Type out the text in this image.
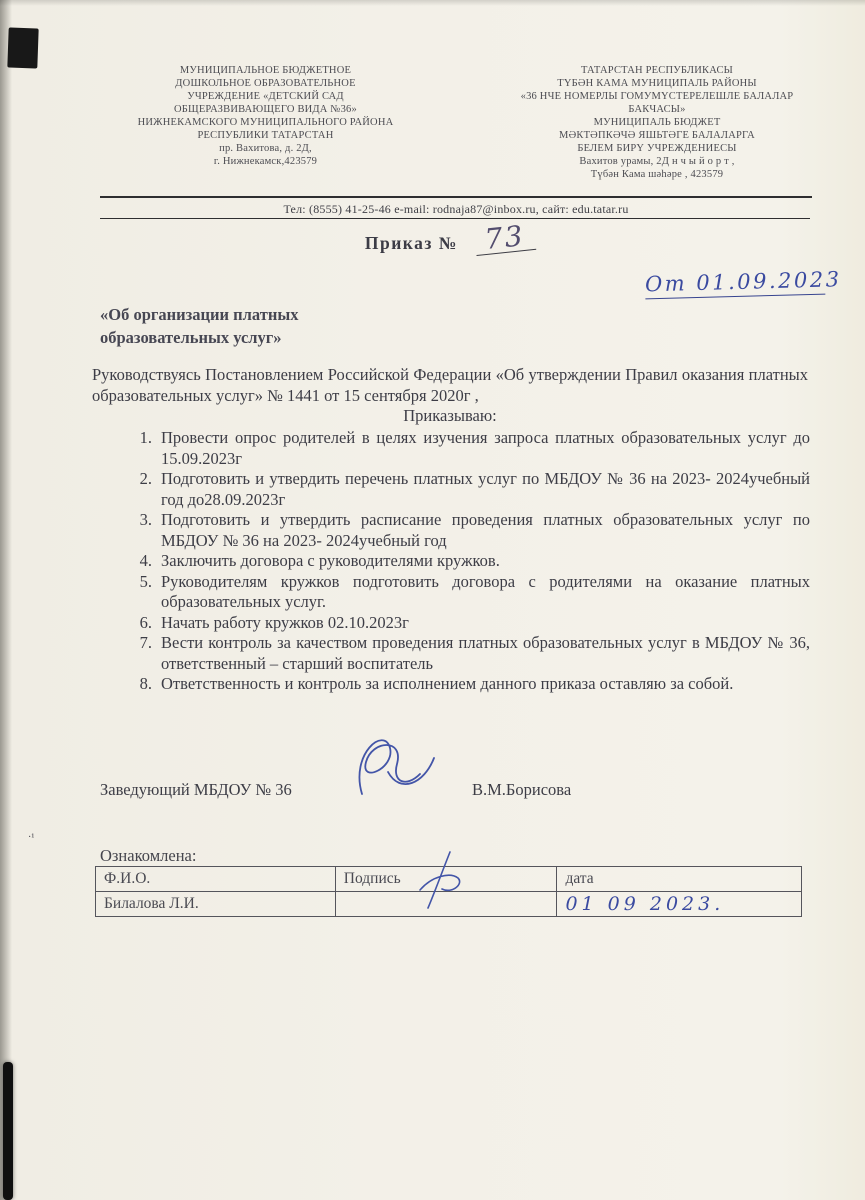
·¹
МУНИЦИПАЛЬНОЕ БЮДЖЕТНОЕ
ДОШКОЛЬНОЕ ОБРАЗОВАТЕЛЬНОЕ
УЧРЕЖДЕНИЕ «ДЕТСКИЙ САД
ОБЩЕРАЗВИВАЮЩЕГО ВИДА №36»
НИЖНЕКАМСКОГО МУНИЦИПАЛЬНОГО РАЙОНА
РЕСПУБЛИКИ ТАТАРСТАН
пр. Вахитова, д. 2Д,
г. Нижнекамск,423579
ТАТАРСТАН РЕСПУБЛИКАСЫ
ТҮБӘН КАМА МУНИЦИПАЛЬ РАЙОНЫ
«36 НЧЕ НОМЕРЛЫ ГОМУМҮСТЕРЕЛЕШЛЕ БАЛАЛАР
БАКЧАСЫ»
МУНИЦИПАЛЬ БЮДЖЕТ
МӘКТӘПКӘЧӘ ЯШЬТӘГЕ БАЛАЛАРГА
БЕЛЕМ БИРҮ УЧРЕЖДЕНИЕСЫ
Вахитов урамы, 2Д н ч ы й о р т ,
Түбән Кама шәһәре , 423579
Тел: (8555) 41-25-46 e-mail: rodnaja87@inbox.ru, сайт: edu.tatar.ru
Приказ № 73
От 01.09.2023
«Об организации платных
образовательных услуг»
Руководствуясь Постановлением Российской Федерации «Об утверждении Правил оказания платных образовательных услуг» № 1441 от 15 сентября 2020г ,
Приказываю:
1. Провести опрос родителей в целях изучения запроса платных образовательных услуг до 15.09.2023г
2. Подготовить и утвердить перечень платных услуг по МБДОУ № 36 на 2023- 2024учебный год до28.09.2023г
3. Подготовить и утвердить расписание проведения платных образовательных услуг по МБДОУ № 36 на 2023- 2024учебный год
4. Заключить договора с руководителями кружков.
5. Руководителям кружков подготовить договора с родителями на оказание платных образовательных услуг.
6. Начать работу кружков 02.10.2023г
7. Вести контроль за качеством проведения платных образовательных услуг в МБДОУ № 36, ответственный – старший воспитатель
8. Ответственность и контроль за исполнением данного приказа оставляю за собой.
Заведующий МБДОУ № 36	В.М.Борисова
Ознакомлена:
Ф.И.О.	Подпись	дата
Билалова Л.И.		01 09 2023.
